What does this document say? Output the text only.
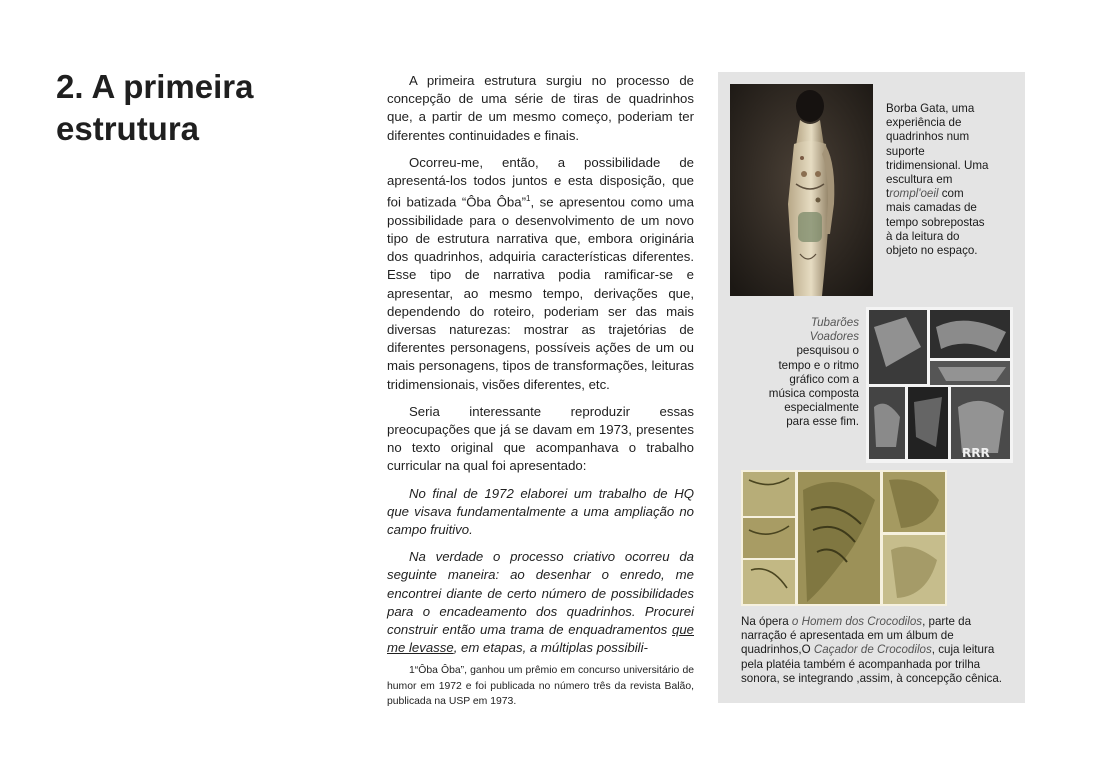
2. A primeira
estrutura

A primeira estrutura surgiu no processo de concepção de uma série de tiras de quadrinhos que, a partir de um mesmo começo, poderiam ter diferentes continuidades e finais.

Ocorreu-me, então, a possibilidade de apresentá-los todos juntos e esta disposição, que foi batizada “Ôba Ôba”$^1$, se apresentou como uma possibilidade para o desenvolvimento de um novo tipo de estrutura narrativa que, embora originária dos quadrinhos, adquiria características diferentes. Esse tipo de narrativa podia ramificar-se e apresentar, ao mesmo tempo, derivações que, dependendo do roteiro, poderiam ser das mais diversas naturezas: mostrar as trajetórias de diferentes personagens, possíveis ações de um ou mais personagens, tipos de transformações, leituras tridimensionais, visões diferentes, etc.

Seria interessante reproduzir essas preocupações que já se davam em 1973, presentes no texto original que acompanhava o trabalho curricular na qual foi apresentado:

No final de 1972 elaborei um trabalho de HQ que visava fundamentalmente a uma ampliação no campo fruitivo.

Na verdade o processo criativo ocorreu da seguinte maneira: ao desenhar o enredo, me encontrei diante de certo número de possibilidades para o encadeamento dos quadrinhos. Procurei construir então uma trama de enquadramentos que me levasse, em etapas, a múltiplas possibili-

1“Ôba Ôba”, ganhou um prêmio em concurso universitário de humor em 1972 e foi publicada no número três da revista Balão, publicada na USP em 1973.
Borba Gata, uma experiência de quadrinhos num suporte tridimensional. Uma escultura em trompl'oeil com mais camadas de tempo sobrepostas à da leitura do objeto no espaço.
Tubarões Voadores pesquisou o tempo e o ritmo gráfico com a música composta especialmente para esse fim.
RRR
Na ópera o Homem dos Crocodilos, parte da narração é apresentada em um álbum de quadrinhos,O Caçador de Crocodilos, cuja leitura pela platéia também é acompanhada por trilha sonora, se integrando ,assim, à concepção cênica.
